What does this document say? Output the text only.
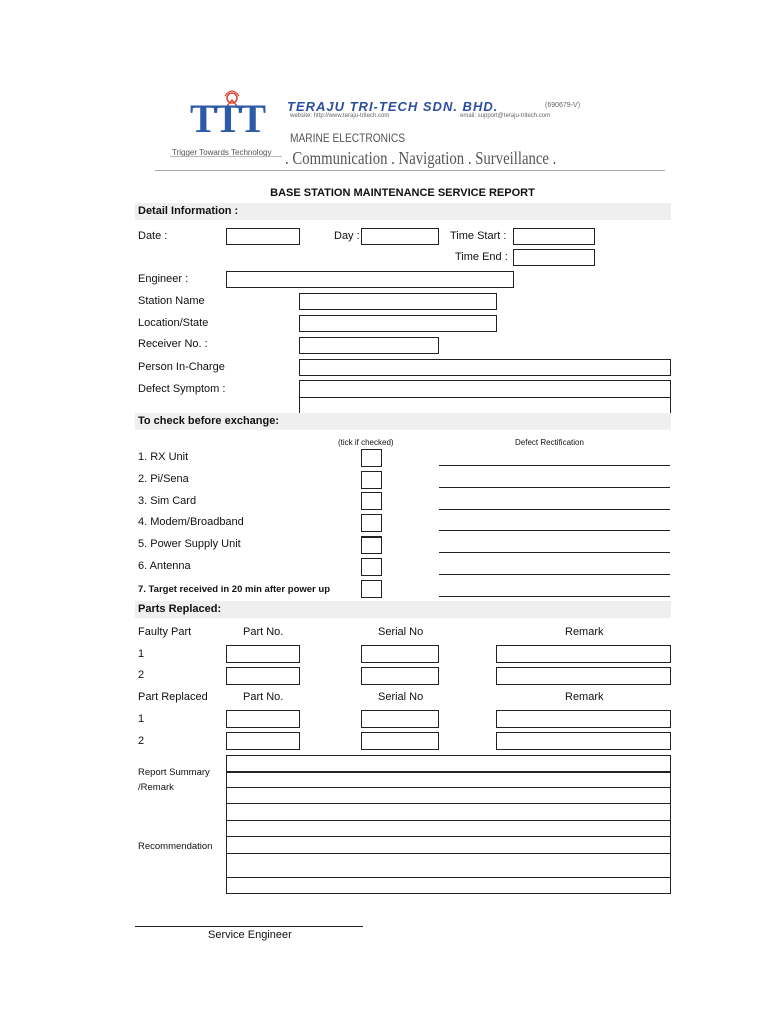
TTT
Trigger Towards Technology
TERAJU TRI-TECH SDN. BHD.	(690679-V)
website: http://www.teraju-tritech.com	email: support@teraju-tritech.com
MARINE ELECTRONICS
. Communication . Navigation . Surveillance .
BASE STATION MAINTENANCE SERVICE REPORT
Detail Information :
Date :	Day :	Time Start :
Time End :
Engineer :
Station Name
Location/State
Receiver No. :
Person In-Charge
Defect Symptom :
To check before exchange:
(tick if checked)	Defect Rectification
1. RX Unit
2. Pi/Sena
3. Sim Card
4. Modem/Broadband
5. Power Supply Unit
6. Antenna
7. Target received in 20 min after power up
Parts Replaced:
Faulty Part	Part No.	Serial No	Remark
1
2
Part Replaced	Part No.	Serial No	Remark
1
2
Report Summary
/Remark
Recommendation
Service Engineer
